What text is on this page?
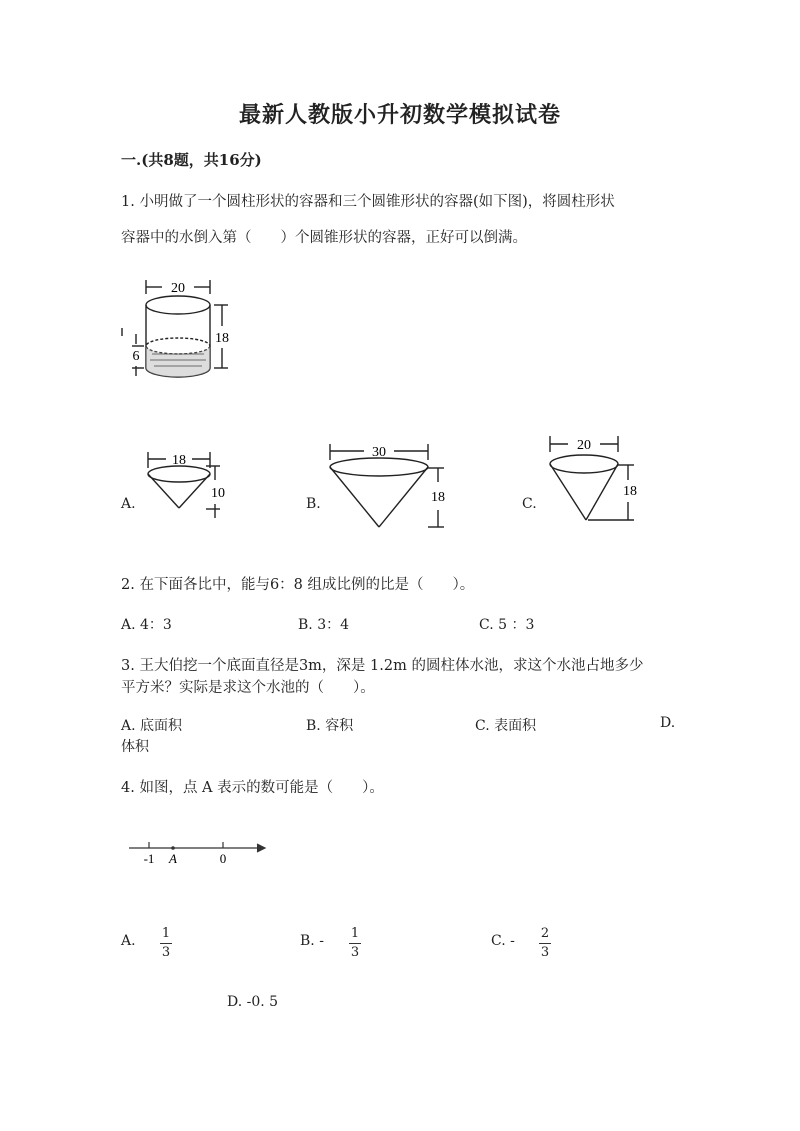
最新人教版小升初数学模拟试卷
一.(共8题，共16分)
1. 小明做了一个圆柱形状的容器和三个圆锥形状的容器(如下图)，将圆柱形状
容器中的水倒入第（　　）个圆锥形状的容器，正好可以倒满。
20
18
6
A.
18
10
B.
30
18	C.
20
18
2. 在下面各比中，能与6：8 组成比例的比是（　　）。
A. 4：3	B. 3：4	C. 5 ：3
3. 王大伯挖一个底面直径是3m，深是 1.2m 的圆柱体水池，求这个水池占地多少
平方米？实际是求这个水池的（　　）。
A. 底面积	B. 容积	C. 表面积	D.
体积
4. 如图，点 A 表示的数可能是（　　）。
-1 A	0
A. 1
3
B. - 1
3
C. - 2
3
D. -0. 5
